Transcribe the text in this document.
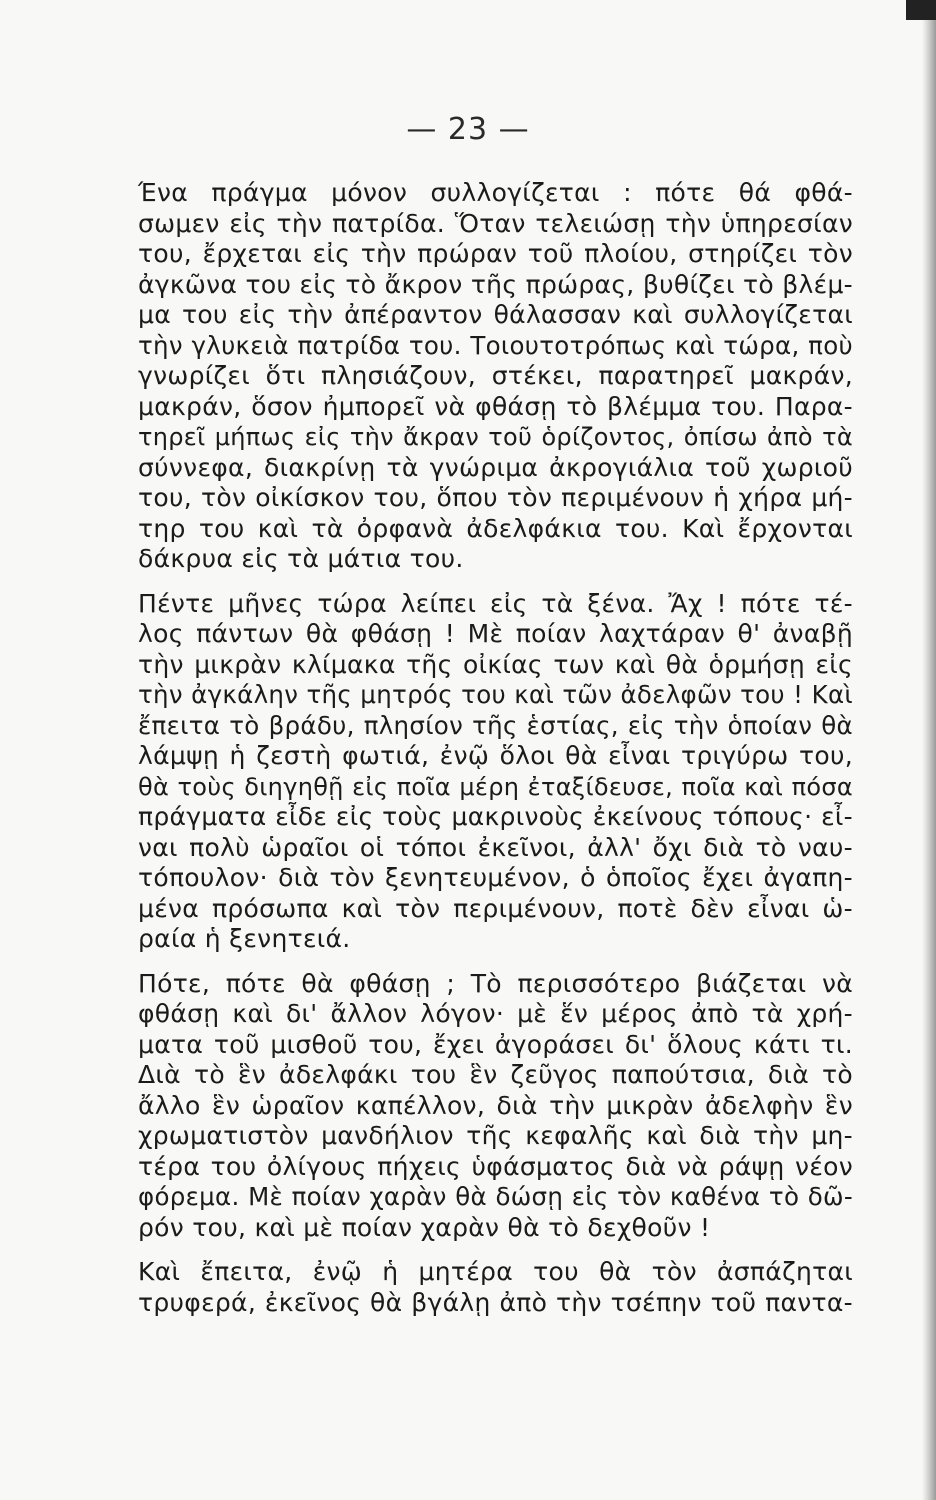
— 23 —
Ένα πράγμα μόνον συλλογίζεται : πότε θά φθά-
σωμεν εἰς τὴν πατρίδα. Ὅταν τελειώσῃ τὴν ὑπηρεσίαν
του, ἔρχεται εἰς τὴν πρώραν τοῦ πλοίου, στηρίζει τὸν
ἀγκῶνα του εἰς τὸ ἄκρον τῆς πρώρας, βυθίζει τὸ βλέμ-
μα του εἰς τὴν ἀπέραντον θάλασσαν καὶ συλλογίζεται
τὴν γλυκειὰ πατρίδα του. Τοιουτοτρόπως καὶ τώρα, ποὺ
γνωρίζει ὅτι πλησιάζουν, στέκει, παρατηρεῖ μακράν,
μακράν, ὅσον ἠμπορεῖ νὰ φθάσῃ τὸ βλέμμα του. Παρα-
τηρεῖ μήπως εἰς τὴν ἄκραν τοῦ ὁρίζοντος, ὀπίσω ἀπὸ τὰ
σύννεφα, διακρίνῃ τὰ γνώριμα ἀκρογιάλια τοῦ χωριοῦ
του, τὸν οἰκίσκον του, ὅπου τὸν περιμένουν ἡ χήρα μή-
τηρ του καὶ τὰ ὀρφανὰ ἀδελφάκια του. Καὶ ἔρχονται
δάκρυα εἰς τὰ μάτια του.
Πέντε μῆνες τώρα λείπει εἰς τὰ ξένα. Ἄχ ! πότε τέ-
λος πάντων θὰ φθάσῃ ! Μὲ ποίαν λαχτάραν θ' ἀναβῇ
τὴν μικρὰν κλίμακα τῆς οἰκίας των καὶ θὰ ὁρμήσῃ εἰς
τὴν ἀγκάλην τῆς μητρός του καὶ τῶν ἀδελφῶν του ! Καὶ
ἔπειτα τὸ βράδυ, πλησίον τῆς ἑστίας, εἰς τὴν ὁποίαν θὰ
λάμψῃ ἡ ζεστὴ φωτιά, ἐνῷ ὅλοι θὰ εἶναι τριγύρω του,
θὰ τοὺς διηγηθῇ εἰς ποῖα μέρη ἐταξίδευσε, ποῖα καὶ πόσα
πράγματα εἶδε εἰς τοὺς μακρινοὺς ἐκείνους τόπους· εἶ-
ναι πολὺ ὡραῖοι οἱ τόποι ἐκεῖνοι, ἀλλ' ὄχι διὰ τὸ ναυ-
τόπουλον· διὰ τὸν ξενητευμένον, ὁ ὁποῖος ἔχει ἀγαπη-
μένα πρόσωπα καὶ τὸν περιμένουν, ποτὲ δὲν εἶναι ὡ-
ραία ἡ ξενητειά.
Πότε, πότε θὰ φθάσῃ ; Τὸ περισσότερο βιάζεται νὰ
φθάσῃ καὶ δι' ἄλλον λόγον· μὲ ἕν μέρος ἀπὸ τὰ χρή-
ματα τοῦ μισθοῦ του, ἔχει ἀγοράσει δι' ὅλους κάτι τι.
Διὰ τὸ ἓν ἀδελφάκι του ἓν ζεῦγος παπούτσια, διὰ τὸ
ἄλλο ἓν ὡραῖον καπέλλον, διὰ τὴν μικρὰν ἀδελφὴν ἓν
χρωματιστὸν μανδήλιον τῆς κεφαλῆς καὶ διὰ τὴν μη-
τέρα του ὀλίγους πήχεις ὑφάσματος διὰ νὰ ράψῃ νέον
φόρεμα. Μὲ ποίαν χαρὰν θὰ δώσῃ εἰς τὸν καθένα τὸ δῶ-
ρόν του, καὶ μὲ ποίαν χαρὰν θὰ τὸ δεχθοῦν !
Καὶ ἔπειτα, ἐνῷ ἡ μητέρα του θὰ τὸν ἀσπάζηται
τρυφερά, ἐκεῖνος θὰ βγάλῃ ἀπὸ τὴν τσέπην τοῦ παντα-
